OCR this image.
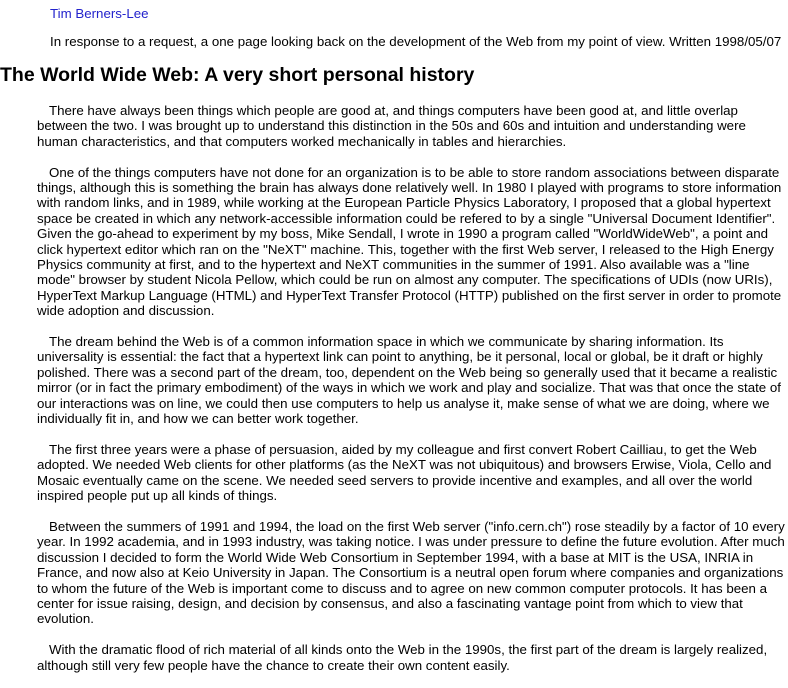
Tim Berners-Lee
In response to a request, a one page looking back on the development of the Web from my point of view. Written 1998/05/07
The World Wide Web: A very short personal history

There have always been things which people are good at, and things computers have been good at, and little overlap between the two. I was brought up to understand this distinction in the 50s and 60s and intuition and understanding were human characteristics, and that computers worked mechanically in tables and hierarchies.

One of the things computers have not done for an organization is to be able to store random associations between disparate things, although this is something the brain has always done relatively well. In 1980 I played with programs to store information with random links, and in 1989, while working at the European Particle Physics Laboratory, I proposed that a global hypertext space be created in which any network-accessible information could be refered to by a single "Universal Document Identifier". Given the go-ahead to experiment by my boss, Mike Sendall, I wrote in 1990 a program called "WorldWideWeb", a point and click hypertext editor which ran on the "NeXT" machine. This, together with the first Web server, I released to the High Energy Physics community at first, and to the hypertext and NeXT communities in the summer of 1991. Also available was a "line mode" browser by student Nicola Pellow, which could be run on almost any computer. The specifications of UDIs (now URIs), HyperText Markup Language (HTML) and HyperText Transfer Protocol (HTTP) published on the first server in order to promote wide adoption and discussion.

The dream behind the Web is of a common information space in which we communicate by sharing information. Its universality is essential: the fact that a hypertext link can point to anything, be it personal, local or global, be it draft or highly polished. There was a second part of the dream, too, dependent on the Web being so generally used that it became a realistic mirror (or in fact the primary embodiment) of the ways in which we work and play and socialize. That was that once the state of our interactions was on line, we could then use computers to help us analyse it, make sense of what we are doing, where we individually fit in, and how we can better work together.

The first three years were a phase of persuasion, aided by my colleague and first convert Robert Cailliau, to get the Web adopted. We needed Web clients for other platforms (as the NeXT was not ubiquitous) and browsers Erwise, Viola, Cello and Mosaic eventually came on the scene. We needed seed servers to provide incentive and examples, and all over the world inspired people put up all kinds of things.

Between the summers of 1991 and 1994, the load on the first Web server ("info.cern.ch") rose steadily by a factor of 10 every year. In 1992 academia, and in 1993 industry, was taking notice. I was under pressure to define the future evolution. After much discussion I decided to form the World Wide Web Consortium in September 1994, with a base at MIT is the USA, INRIA in France, and now also at Keio University in Japan. The Consortium is a neutral open forum where companies and organizations to whom the future of the Web is important come to discuss and to agree on new common computer protocols. It has been a center for issue raising, design, and decision by consensus, and also a fascinating vantage point from which to view that evolution.

With the dramatic flood of rich material of all kinds onto the Web in the 1990s, the first part of the dream is largely realized, although still very few people have the chance to create their own content easily.
